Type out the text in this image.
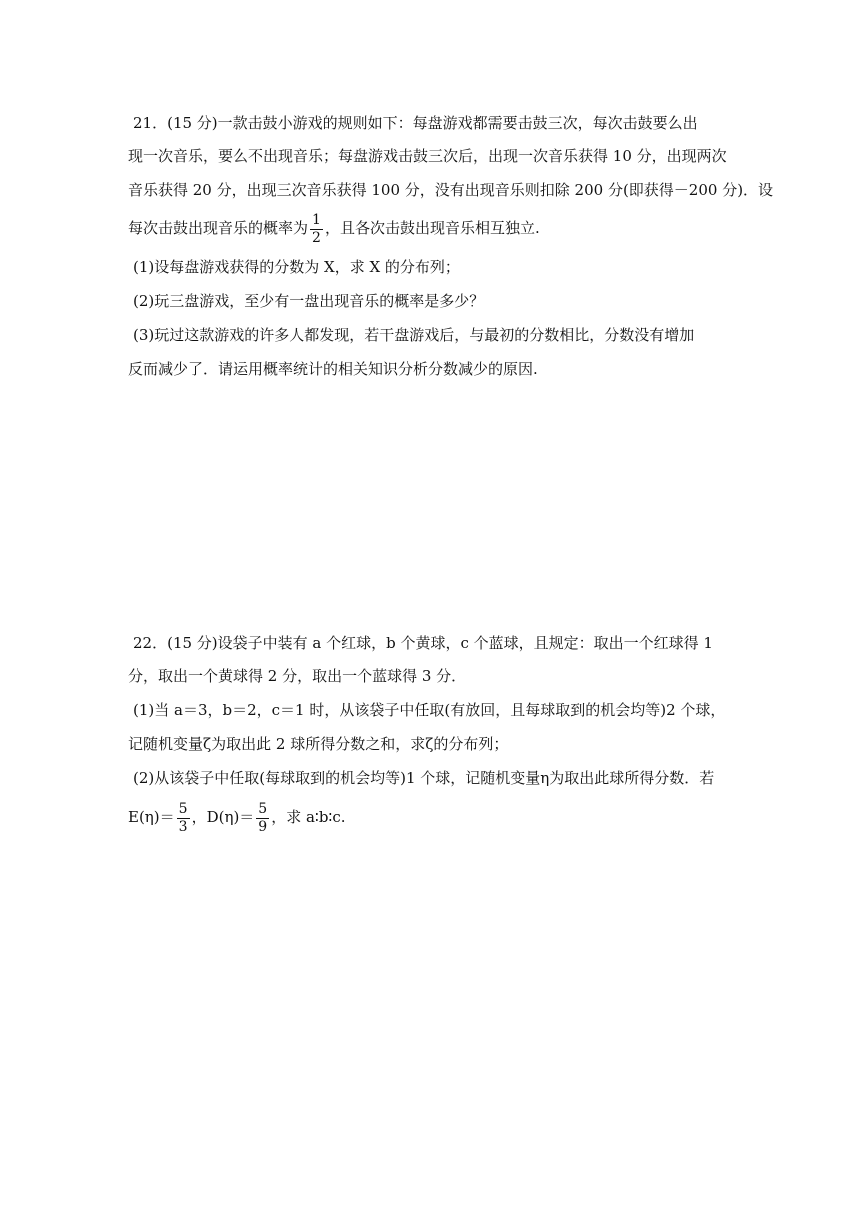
21．(15 分)一款击鼓小游戏的规则如下：每盘游戏都需要击鼓三次，每次击鼓要么出
现一次音乐，要么不出现音乐；每盘游戏击鼓三次后，出现一次音乐获得 10 分，出现两次
音乐获得 20 分，出现三次音乐获得 100 分，没有出现音乐则扣除 200 分(即获得－200 分)．设
每次击鼓出现音乐的概率为 $\frac{1}{2}$ ，且各次击鼓出现音乐相互独立.
(1)设每盘游戏获得的分数为 X，求 X 的分布列；
(2)玩三盘游戏，至少有一盘出现音乐的概率是多少？
(3)玩过这款游戏的许多人都发现，若干盘游戏后，与最初的分数相比，分数没有增加
反而减少了．请运用概率统计的相关知识分析分数减少的原因.
22．(15 分)设袋子中装有 a 个红球，b 个黄球，c 个蓝球，且规定：取出一个红球得 1
分，取出一个黄球得 2 分，取出一个蓝球得 3 分．
(1)当 a＝3，b＝2，c＝1 时，从该袋子中任取(有放回，且每球取到的机会均等)2 个球，
记随机变量ζ为取出此 2 球所得分数之和，求ζ的分布列；
(2)从该袋子中任取(每球取到的机会均等)1 个球，记随机变量η为取出此球所得分数．若
$E(\eta)= \frac{5}{3}$ ，$D(\eta)= \frac{5}{9}$ ，求 a∶b∶c.
